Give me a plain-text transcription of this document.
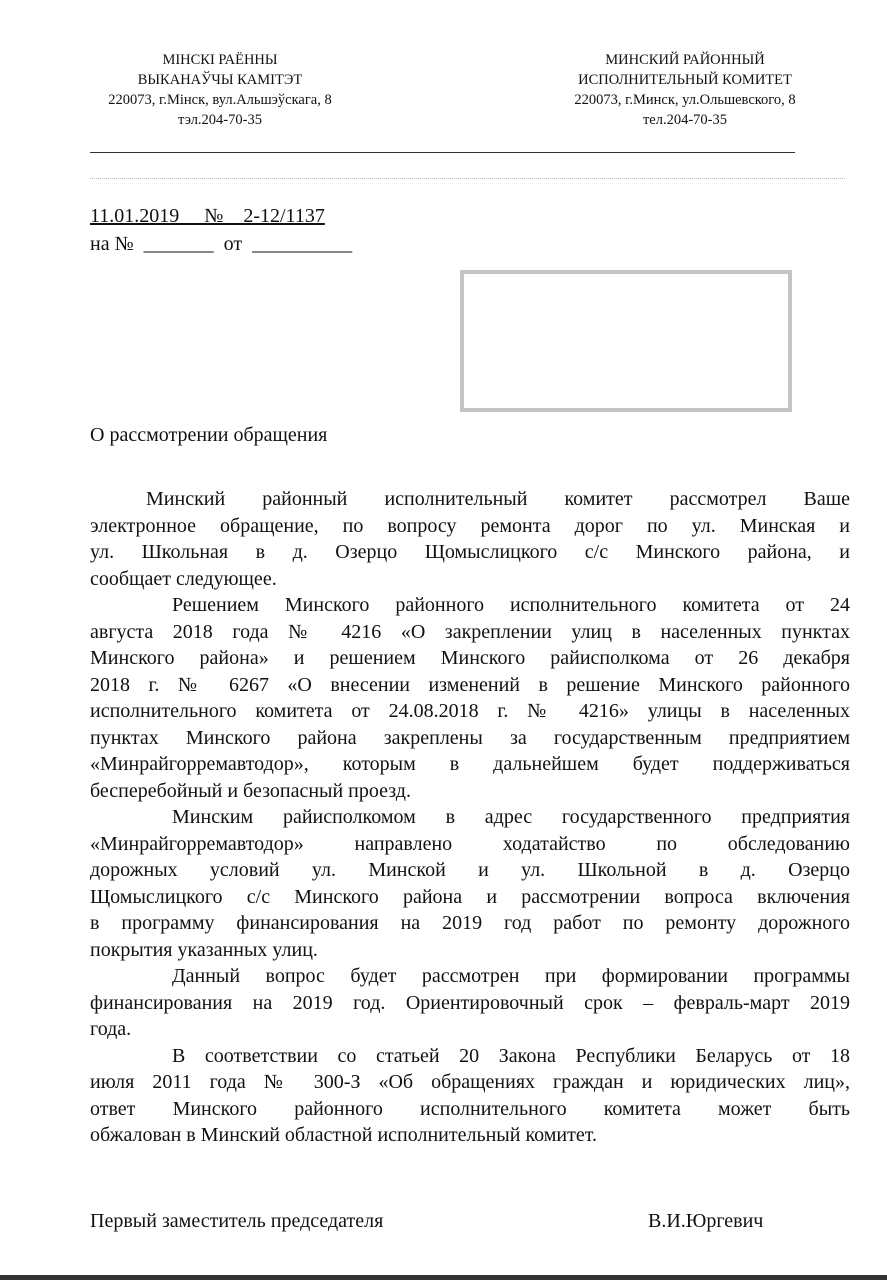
МІНСКІ РАЁННЫ
ВЫКАНАЎЧЫ КАМІТЭТ
220073, г.Мінск, вул.Альшэўскага, 8
тэл.204-70-35
МИНСКИЙ РАЙОННЫЙ
ИСПОЛНИТЕЛЬНЫЙ КОМИТЕТ
220073, г.Минск, ул.Ольшевского, 8
тел.204-70-35
11.01.2019     №    2-12/1137
на №  _______  от  __________
О рассмотрении обращения
Минский районный исполнительный комитет рассмотрел Ваше
электронное обращение, по вопросу ремонта дорог по ул. Минская и
ул. Школьная в д. Озерцо Щомыслицкого с/с Минского района, и
сообщает следующее.
Решением Минского районного исполнительного комитета от 24
августа 2018 года № 4216 «О закреплении улиц в населенных пунктах
Минского района» и решением Минского райисполкома от 26 декабря
2018 г. № 6267 «О внесении изменений в решение Минского районного
исполнительного комитета от 24.08.2018 г. № 4216» улицы в населенных
пунктах Минского района закреплены за государственным предприятием
«Минрайгорремавтодор», которым в дальнейшем будет поддерживаться
бесперебойный и безопасный проезд.
Минским райисполкомом в адрес государственного предприятия
«Минрайгорремавтодор» направлено ходатайство по обследованию
дорожных условий ул. Минской и ул. Школьной в д. Озерцо
Щомыслицкого с/с Минского района и рассмотрении вопроса включения
в программу финансирования на 2019 год работ по ремонту дорожного
покрытия указанных улиц.
Данный вопрос будет рассмотрен при формировании программы
финансирования на 2019 год. Ориентировочный срок – февраль-март 2019
года.
В соответствии со статьей 20 Закона Республики Беларусь от 18
июля 2011 года № 300-З «Об обращениях граждан и юридических лиц»,
ответ Минского районного исполнительного комитета может быть
обжалован в Минский областной исполнительный комитет.
Первый заместитель председателя	В.И.Юргевич
